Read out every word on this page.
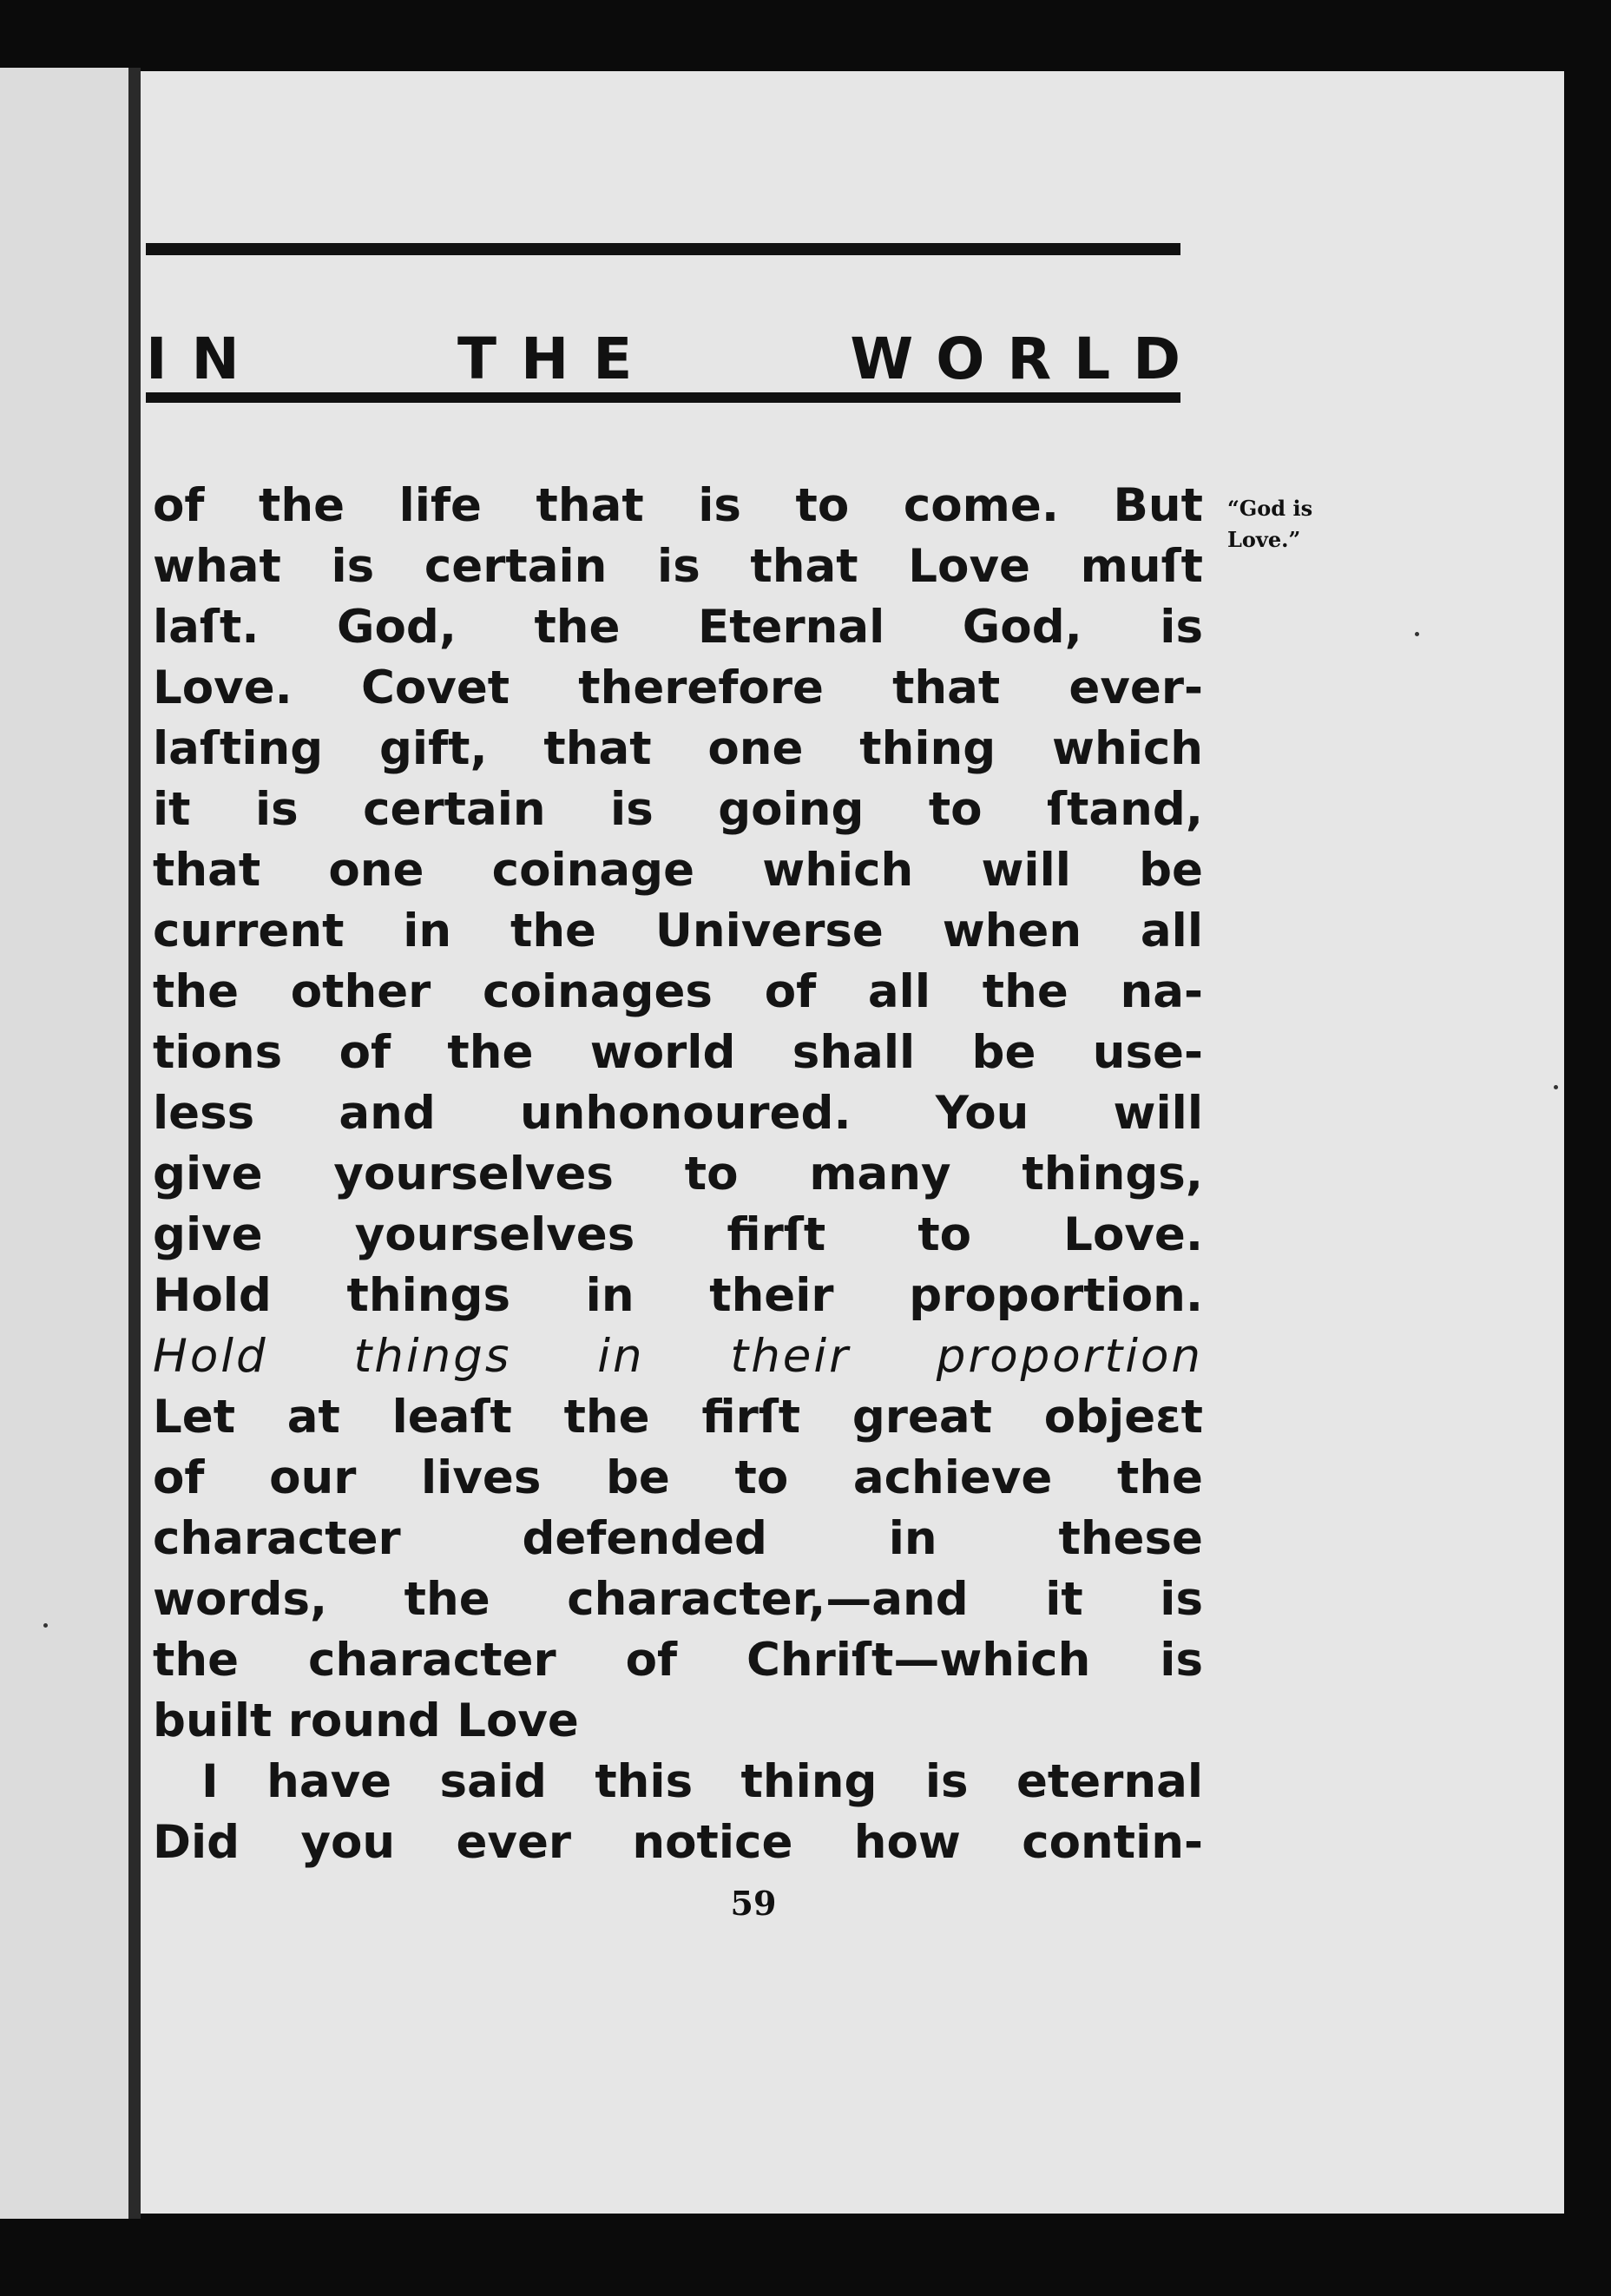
IN	THE	WORLD
“God is
Love.”
of the life that is to come. But
what is certain is that Love muſt
laſt. God, the Eternal God, is
Love. Covet therefore that ever-
laſting gift, that one thing which
it is certain is going to ſtand,
that one coinage which will be
current in the Universe when all
the other coinages of all the na-
tions of the world shall be use-
less and unhonoured. You will
give yourselves to many things,
give yourselves firſt to Love.
Hold things in their proportion.
Hold things in their proportion
Let at leaſt the firſt great objeɛt
of our lives be to achieve the
character defended in these
words, the character,—and it is
the character of Chriſt—which is
built round Love
I have said this thing is eternal
Did you ever notice how contin-
59
